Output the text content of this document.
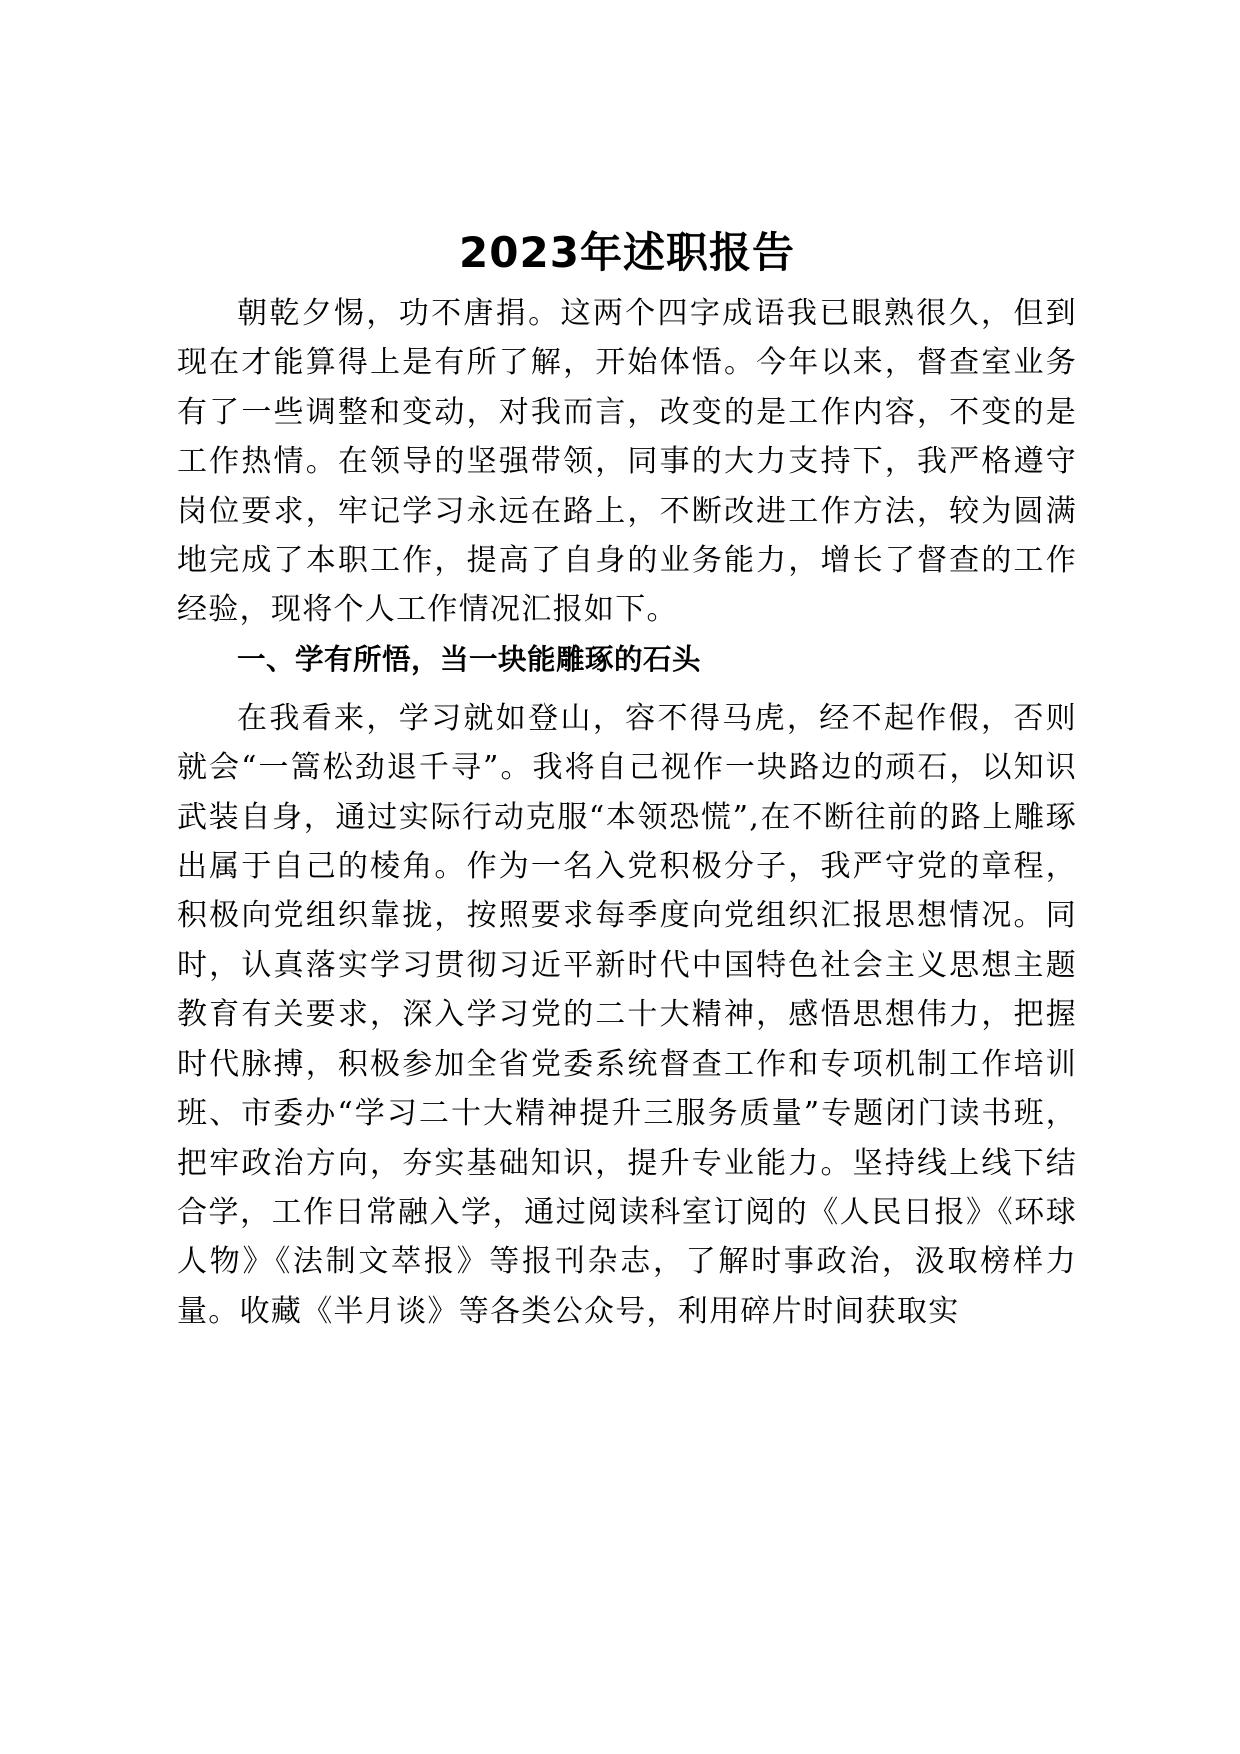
2023年述职报告

朝乾夕惕，功不唐捐。这两个四字成语我已眼熟很久，但到现在才能算得上是有所了解，开始体悟。今年以来，督查室业务有了一些调整和变动，对我而言，改变的是工作内容，不变的是工作热情。在领导的坚强带领，同事的大力支持下，我严格遵守岗位要求，牢记学习永远在路上，不断改进工作方法，较为圆满地完成了本职工作，提高了自身的业务能力，增长了督查的工作经验，现将个人工作情况汇报如下。

一、学有所悟，当一块能雕琢的石头

在我看来，学习就如登山，容不得马虎，经不起作假，否则就会“一篙松劲退千寻”。我将自己视作一块路边的顽石，以知识武装自身，通过实际行动克服“本领恐慌”,在不断往前的路上雕琢出属于自己的棱角。作为一名入党积极分子，我严守党的章程，积极向党组织靠拢，按照要求每季度向党组织汇报思想情况。同时，认真落实学习贯彻习近平新时代中国特色社会主义思想主题教育有关要求，深入学习党的二十大精神，感悟思想伟力，把握时代脉搏，积极参加全省党委系统督查工作和专项机制工作培训班、市委办“学习二十大精神提升三服务质量”专题闭门读书班，把牢政治方向，夯实基础知识，提升专业能力。坚持线上线下结合学，工作日常融入学，通过阅读科室订阅的《人民日报》《环球人物》《法制文萃报》等报刊杂志，了解时事政治，汲取榜样力量。收藏《半月谈》等各类公众号，利用碎片时间获取实
